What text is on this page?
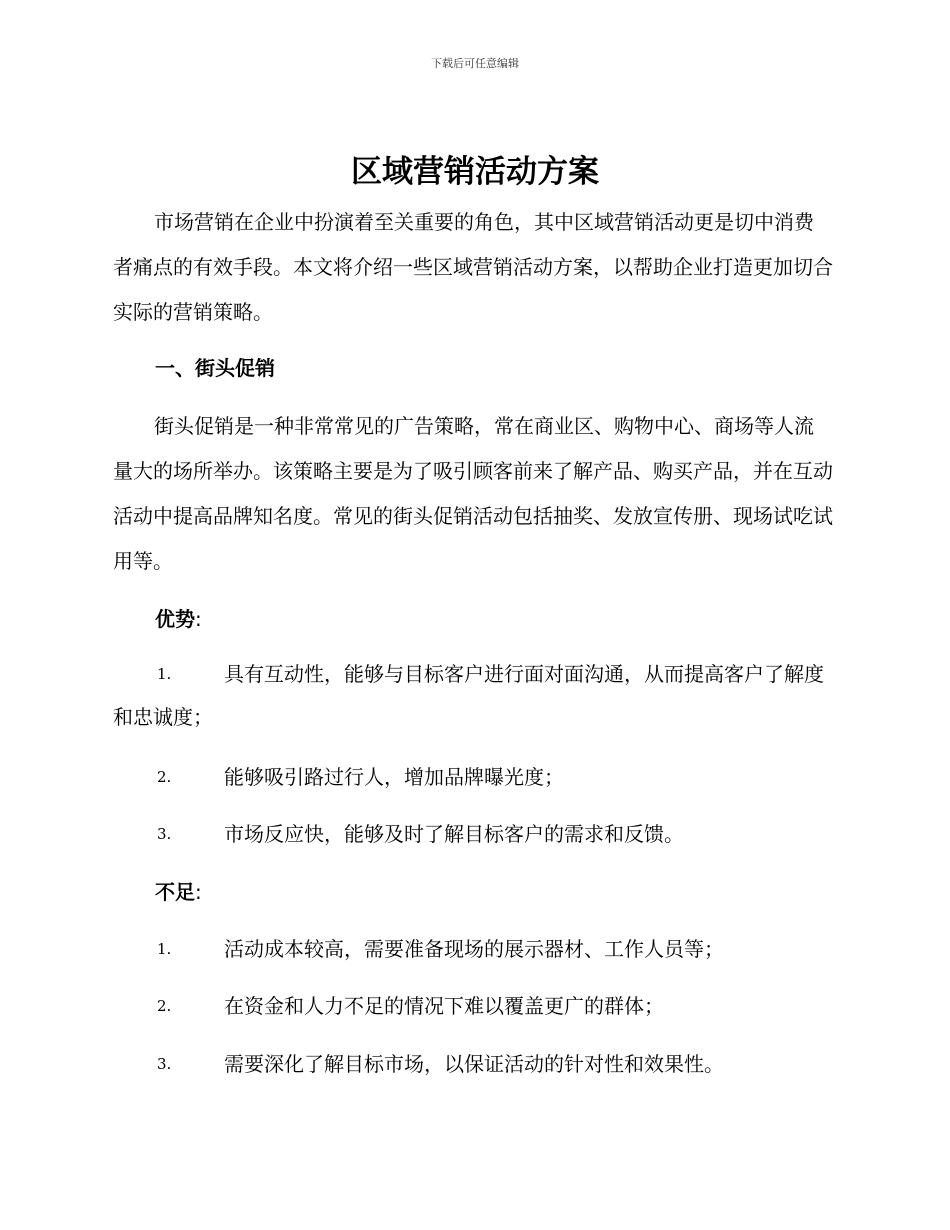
下载后可任意编辑
区域营销活动方案

市场营销在企业中扮演着至关重要的角色，其中区域营销活动更是切中消费者痛点的有效手段。本文将介绍一些区域营销活动方案，以帮助企业打造更加切合实际的营销策略。

一、街头促销

街头促销是一种非常常见的广告策略，常在商业区、购物中心、商场等人流量大的场所举办。该策略主要是为了吸引顾客前来了解产品、购买产品，并在互动活动中提高品牌知名度。常见的街头促销活动包括抽奖、发放宣传册、现场试吃试用等。

优势:
1.	具有互动性，能够与目标客户进行面对面沟通，从而提高客户了解度和忠诚度；
2.	能够吸引路过行人，增加品牌曝光度；
3.	市场反应快，能够及时了解目标客户的需求和反馈。
不足:
1.	活动成本较高，需要准备现场的展示器材、工作人员等；
2.	在资金和人力不足的情况下难以覆盖更广的群体；
3.	需要深化了解目标市场，以保证活动的针对性和效果性。
